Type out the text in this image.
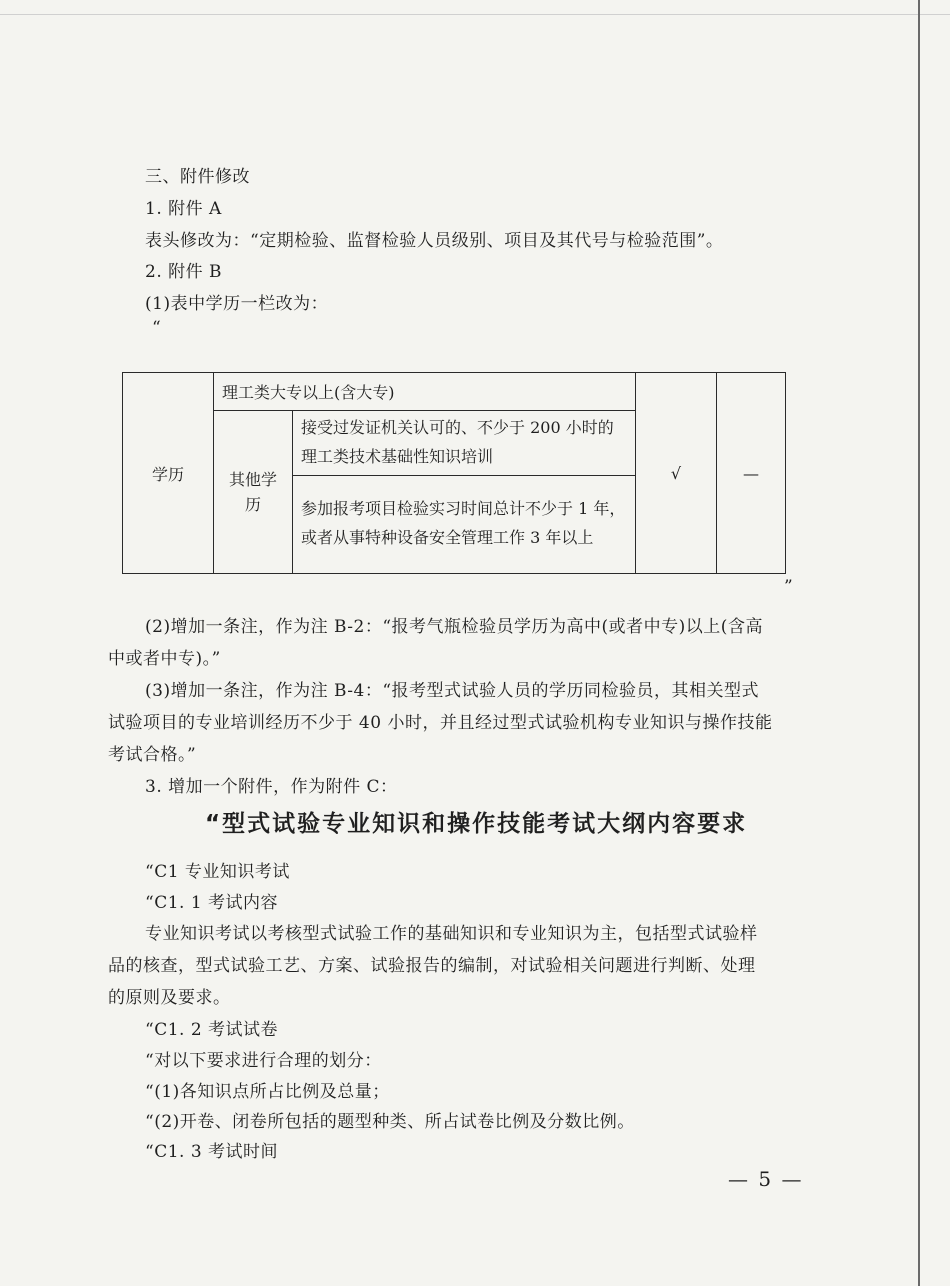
三、附件修改
1. 附件 A
表头修改为：“定期检验、监督检验人员级别、项目及其代号与检验范围”。
2. 附件 B
(1)表中学历一栏改为：
“
学历	理工类大专以上(含大专)		√	—
	其他学历	接受过发证机关认可的、不少于 200 小时的理工类技术基础性知识培训		
		参加报考项目检验实习时间总计不少于 1 年，或者从事特种设备安全管理工作 3 年以上		
”
(2)增加一条注，作为注 B-2：“报考气瓶检验员学历为高中(或者中专)以上(含高
中或者中专)。”
(3)增加一条注，作为注 B-4：“报考型式试验人员的学历同检验员，其相关型式
试验项目的专业培训经历不少于 40 小时，并且经过型式试验机构专业知识与操作技能
考试合格。”
3. 增加一个附件，作为附件 C：
“型式试验专业知识和操作技能考试大纲内容要求
“C1 专业知识考试
“C1. 1 考试内容
专业知识考试以考核型式试验工作的基础知识和专业知识为主，包括型式试验样
品的核查，型式试验工艺、方案、试验报告的编制，对试验相关问题进行判断、处理
的原则及要求。
“C1. 2 考试试卷
“对以下要求进行合理的划分：
“(1)各知识点所占比例及总量；
“(2)开卷、闭卷所包括的题型种类、所占试卷比例及分数比例。
“C1. 3 考试时间
— 5 —
